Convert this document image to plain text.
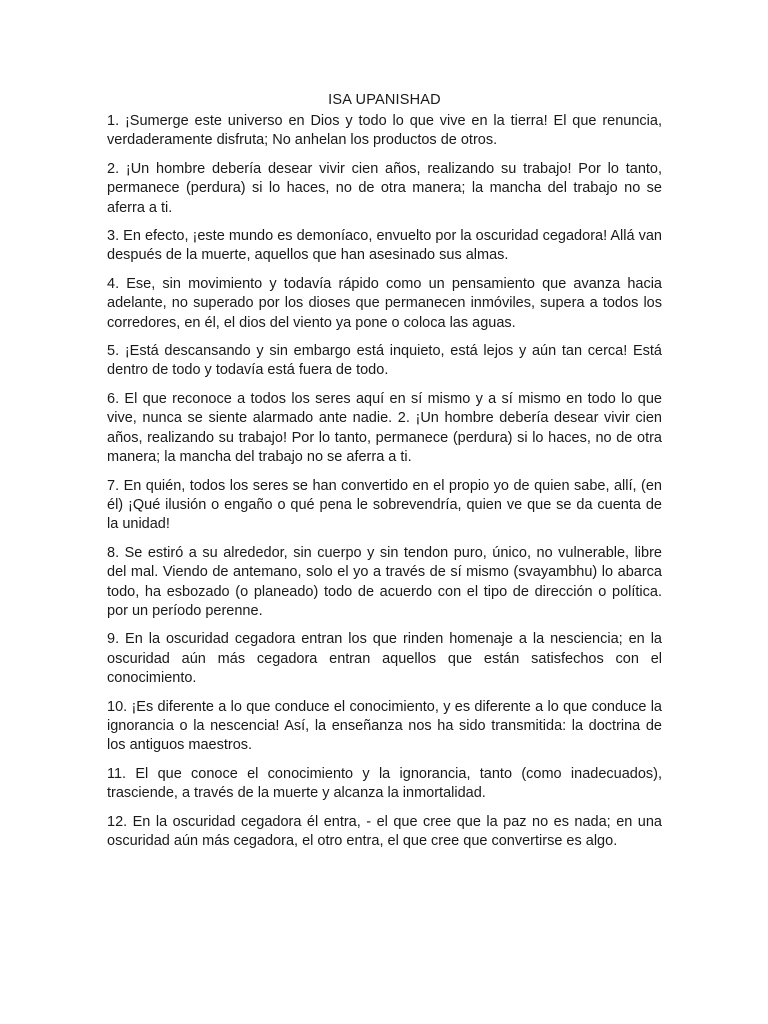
ISA UPANISHAD

1. ¡Sumerge este universo en Dios y todo lo que vive en la tierra! El que renuncia, verdaderamente disfruta; No anhelan los productos de otros.

2. ¡Un hombre debería desear vivir cien años, realizando su trabajo! Por lo tanto, permanece (perdura) si lo haces, no de otra manera; la mancha del trabajo no se aferra a ti.

3. En efecto, ¡este mundo es demoníaco, envuelto por la oscuridad cegadora! Allá van después de la muerte, aquellos que han asesinado sus almas.

4. Ese, sin movimiento y todavía rápido como un pensamiento que avanza hacia adelante, no superado por los dioses que permanecen inmóviles, supera a todos los corredores, en él, el dios del viento ya pone o coloca las aguas.

5. ¡Está descansando y sin embargo está inquieto, está lejos y aún tan cerca! Está dentro de todo y todavía está fuera de todo.

6. El que reconoce a todos los seres aquí en sí mismo y a sí mismo en todo lo que vive, nunca se siente alarmado ante nadie. 2. ¡Un hombre debería desear vivir cien años, realizando su trabajo! Por lo tanto, permanece (perdura) si lo haces, no de otra manera; la mancha del trabajo no se aferra a ti.

7. En quién, todos los seres se han convertido en el propio yo de quien sabe, allí, (en él) ¡Qué ilusión o engaño o qué pena le sobrevendría, quien ve que se da cuenta de la unidad!

8. Se estiró a su alrededor, sin cuerpo y sin tendon puro, único, no vulnerable, libre del mal. Viendo de antemano, solo el yo a través de sí mismo (svayambhu) lo abarca todo, ha esbozado (o planeado) todo de acuerdo con el tipo de dirección o política. por un período perenne.

9. En la oscuridad cegadora entran los que rinden homenaje a la nesciencia; en la oscuridad aún más cegadora entran aquellos que están satisfechos con el conocimiento.

10. ¡Es diferente a lo que conduce el conocimiento, y es diferente a lo que conduce la ignorancia o la nescencia! Así, la enseñanza nos ha sido transmitida: la doctrina de los antiguos maestros.

11. El que conoce el conocimiento y la ignorancia, tanto (como inadecuados), trasciende, a través de la muerte y alcanza la inmortalidad.

12. En la oscuridad cegadora él entra, - el que cree que la paz no es nada; en una oscuridad aún más cegadora, el otro entra, el que cree que convertirse es algo.
